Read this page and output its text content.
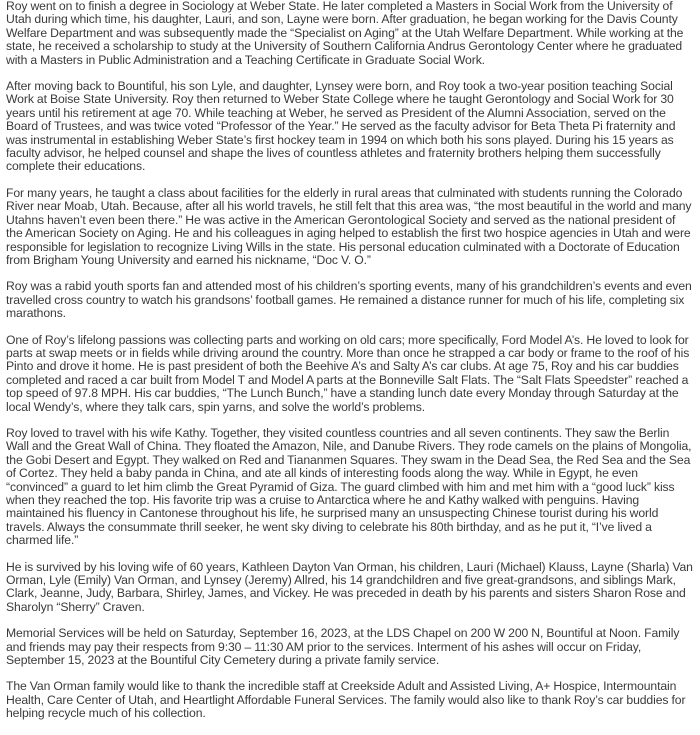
Roy went on to finish a degree in Sociology at Weber State. He later completed a Masters in Social Work from the University of Utah during which time, his daughter, Lauri, and son, Layne were born. After graduation, he began working for the Davis County Welfare Department and was subsequently made the “Specialist on Aging” at the Utah Welfare Department. While working at the state, he received a scholarship to study at the University of Southern California Andrus Gerontology Center where he graduated with a Masters in Public Administration and a Teaching Certificate in Graduate Social Work.

After moving back to Bountiful, his son Lyle, and daughter, Lynsey were born, and Roy took a two-year position teaching Social Work at Boise State University. Roy then returned to Weber State College where he taught Gerontology and Social Work for 30 years until his retirement at age 70. While teaching at Weber, he served as President of the Alumni Association, served on the Board of Trustees, and was twice voted “Professor of the Year.” He served as the faculty advisor for Beta Theta Pi fraternity and was instrumental in establishing Weber State’s first hockey team in 1994 on which both his sons played. During his 15 years as faculty advisor, he helped counsel and shape the lives of countless athletes and fraternity brothers helping them successfully complete their educations.

For many years, he taught a class about facilities for the elderly in rural areas that culminated with students running the Colorado River near Moab, Utah. Because, after all his world travels, he still felt that this area was, “the most beautiful in the world and many Utahns haven’t even been there.” He was active in the American Gerontological Society and served as the national president of the American Society on Aging. He and his colleagues in aging helped to establish the first two hospice agencies in Utah and were responsible for legislation to recognize Living Wills in the state. His personal education culminated with a Doctorate of Education from Brigham Young University and earned his nickname, “Doc V. O.”

Roy was a rabid youth sports fan and attended most of his children’s sporting events, many of his grandchildren’s events and even travelled cross country to watch his grandsons’ football games. He remained a distance runner for much of his life, completing six marathons.

One of Roy’s lifelong passions was collecting parts and working on old cars; more specifically, Ford Model A’s. He loved to look for parts at swap meets or in fields while driving around the country. More than once he strapped a car body or frame to the roof of his Pinto and drove it home. He is past president of both the Beehive A’s and Salty A’s car clubs. At age 75, Roy and his car buddies completed and raced a car built from Model T and Model A parts at the Bonneville Salt Flats. The “Salt Flats Speedster” reached a top speed of 97.8 MPH. His car buddies, “The Lunch Bunch,” have a standing lunch date every Monday through Saturday at the local Wendy’s, where they talk cars, spin yarns, and solve the world’s problems.

Roy loved to travel with his wife Kathy. Together, they visited countless countries and all seven continents. They saw the Berlin Wall and the Great Wall of China. They floated the Amazon, Nile, and Danube Rivers. They rode camels on the plains of Mongolia, the Gobi Desert and Egypt. They walked on Red and Tiananmen Squares. They swam in the Dead Sea, the Red Sea and the Sea of Cortez. They held a baby panda in China, and ate all kinds of interesting foods along the way. While in Egypt, he even “convinced” a guard to let him climb the Great Pyramid of Giza. The guard climbed with him and met him with a “good luck” kiss when they reached the top. His favorite trip was a cruise to Antarctica where he and Kathy walked with penguins. Having maintained his fluency in Cantonese throughout his life, he surprised many an unsuspecting Chinese tourist during his world travels. Always the consummate thrill seeker, he went sky diving to celebrate his 80th birthday, and as he put it, “I’ve lived a charmed life.”

He is survived by his loving wife of 60 years, Kathleen Dayton Van Orman, his children, Lauri (Michael) Klauss, Layne (Sharla) Van Orman, Lyle (Emily) Van Orman, and Lynsey (Jeremy) Allred, his 14 grandchildren and five great-grandsons, and siblings Mark, Clark, Jeanne, Judy, Barbara, Shirley, James, and Vickey. He was preceded in death by his parents and sisters Sharon Rose and Sharolyn “Sherry” Craven.

Memorial Services will be held on Saturday, September 16, 2023, at the LDS Chapel on 200 W 200 N, Bountiful at Noon. Family and friends may pay their respects from 9:30 – 11:30 AM prior to the services. Interment of his ashes will occur on Friday, September 15, 2023 at the Bountiful City Cemetery during a private family service.

The Van Orman family would like to thank the incredible staff at Creekside Adult and Assisted Living, A+ Hospice, Intermountain Health, Care Center of Utah, and Heartlight Affordable Funeral Services. The family would also like to thank Roy’s car buddies for helping recycle much of his collection.
